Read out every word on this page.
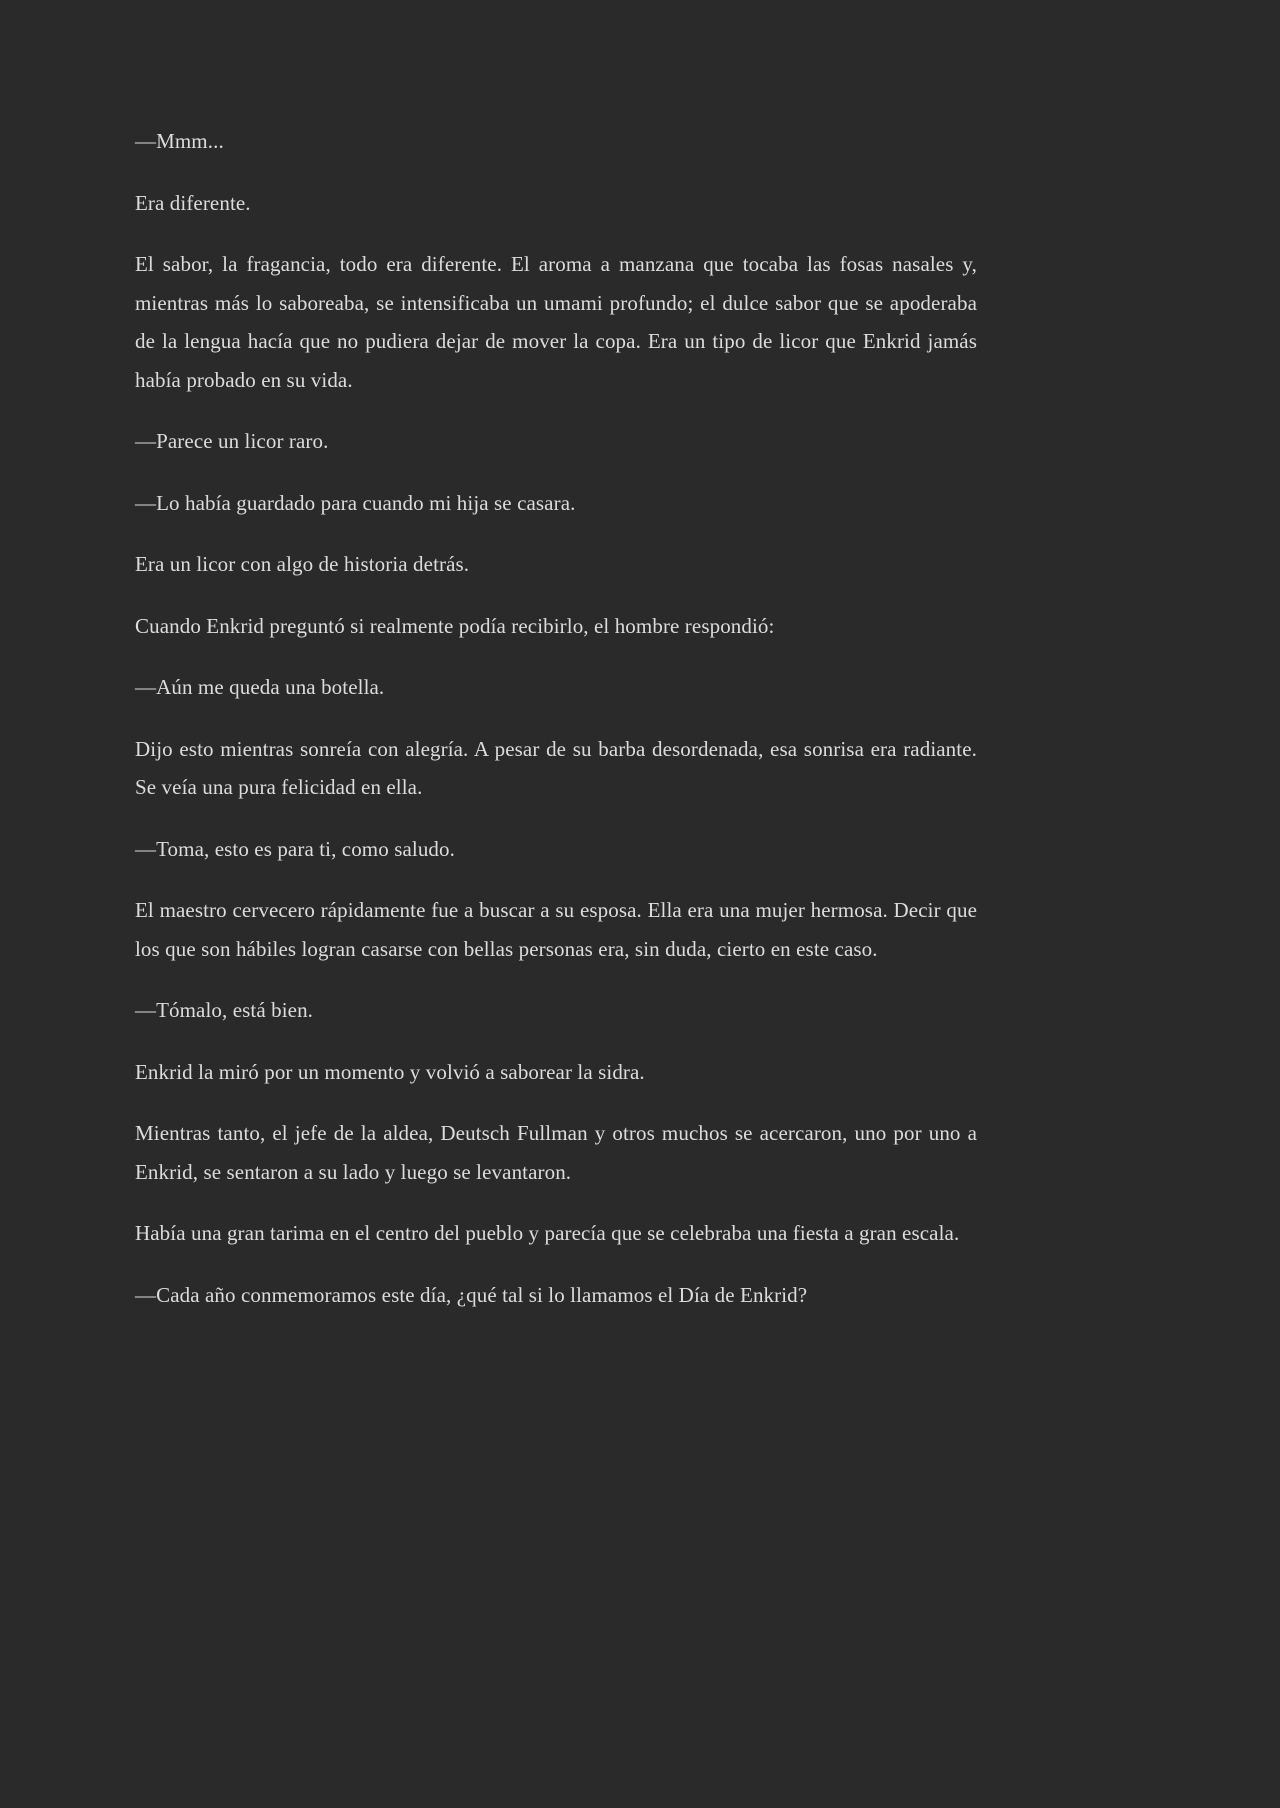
—Mmm...

Era diferente.

El sabor, la fragancia, todo era diferente. El aroma a manzana que tocaba las fosas nasales y, mientras más lo saboreaba, se intensificaba un umami profundo; el dulce sabor que se apoderaba de la lengua hacía que no pudiera dejar de mover la copa. Era un tipo de licor que Enkrid jamás había probado en su vida.

—Parece un licor raro.

—Lo había guardado para cuando mi hija se casara.

Era un licor con algo de historia detrás.

Cuando Enkrid preguntó si realmente podía recibirlo, el hombre respondió:

—Aún me queda una botella.

Dijo esto mientras sonreía con alegría. A pesar de su barba desordenada, esa sonrisa era radiante. Se veía una pura felicidad en ella.

—Toma, esto es para ti, como saludo.

El maestro cervecero rápidamente fue a buscar a su esposa. Ella era una mujer hermosa. Decir que los que son hábiles logran casarse con bellas personas era, sin duda, cierto en este caso.

—Tómalo, está bien.

Enkrid la miró por un momento y volvió a saborear la sidra.

Mientras tanto, el jefe de la aldea, Deutsch Fullman y otros muchos se acercaron, uno por uno a Enkrid, se sentaron a su lado y luego se levantaron.

Había una gran tarima en el centro del pueblo y parecía que se celebraba una fiesta a gran escala.

—Cada año conmemoramos este día, ¿qué tal si lo llamamos el Día de Enkrid?
